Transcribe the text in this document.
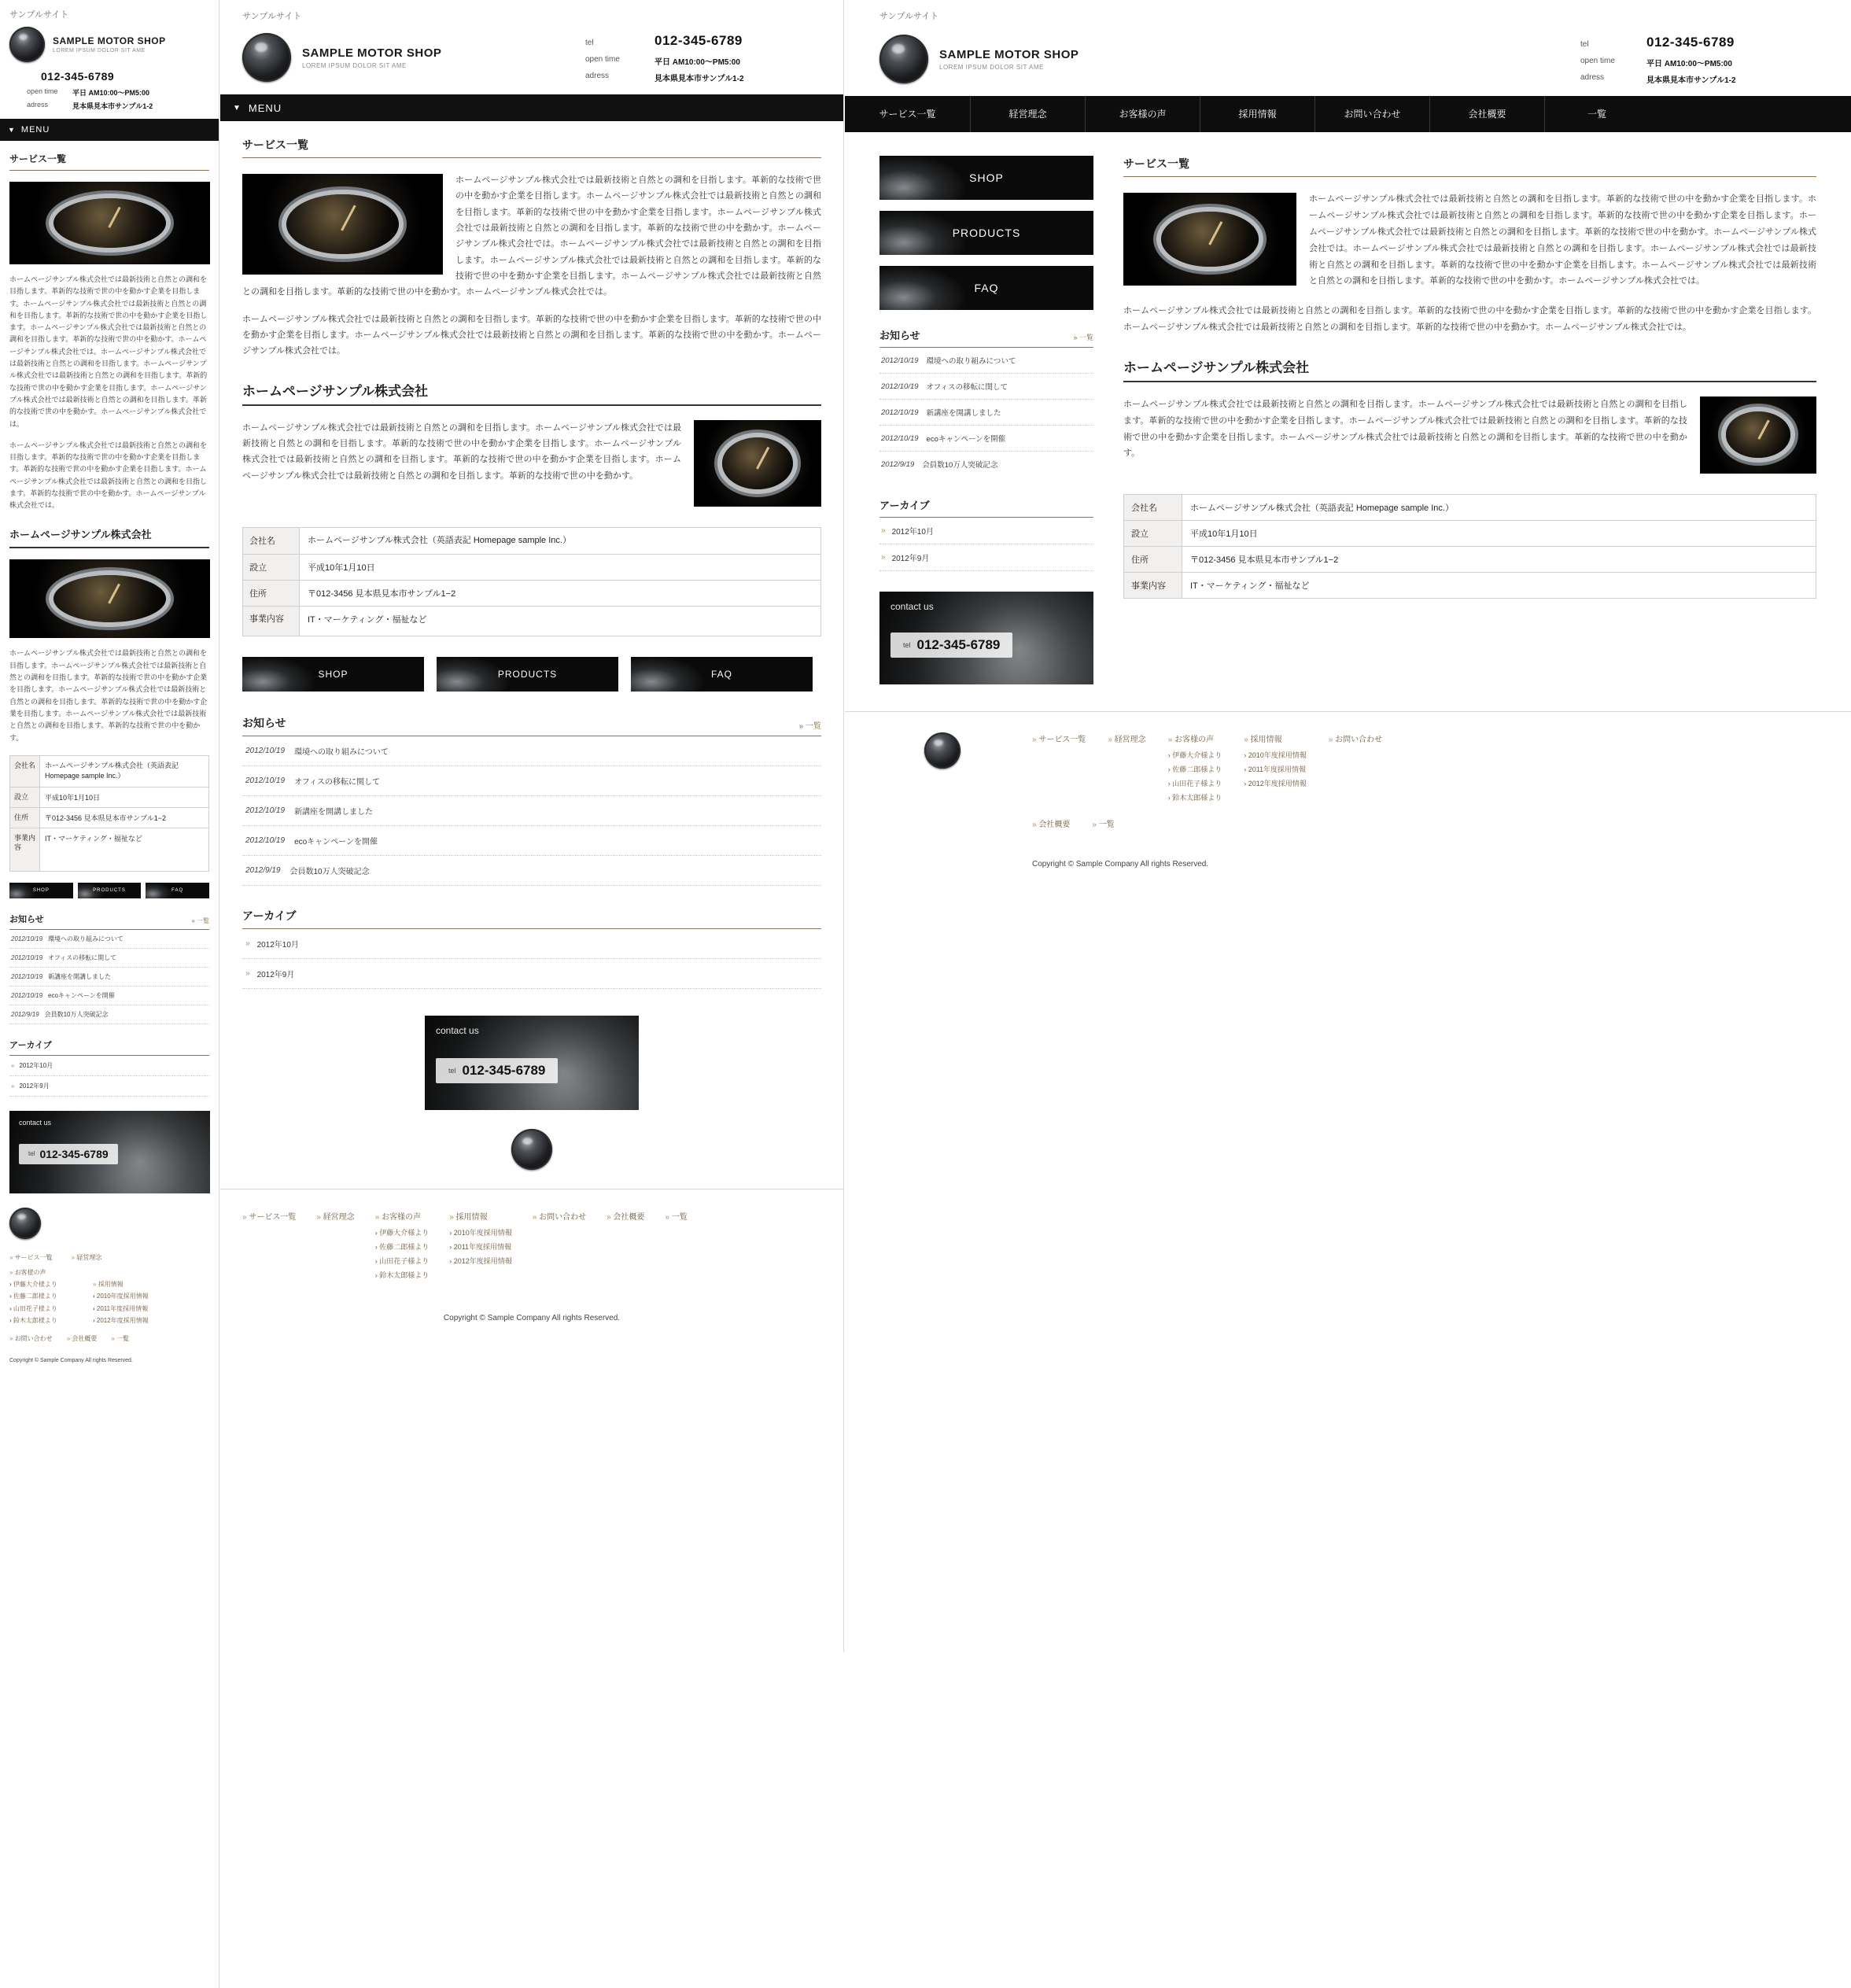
サンプルサイト
SAMPLE MOTOR SHOP
LOREM IPSUM DOLOR SIT AME
012-345-6789
open time	平日 AM10:00〜PM5:00
adress	見本県見本市サンプル1-2
▼ MENU
サービス一覧

ホームページサンプル株式会社では最新技術と自然との調和を目指します。革新的な技術で世の中を動かす企業を目指します。ホームページサンプル株式会社では最新技術と自然との調和を目指します。革新的な技術で世の中を動かす企業を目指します。ホームページサンプル株式会社では最新技術と自然との調和を目指します。革新的な技術で世の中を動かす。ホームページサンプル株式会社では。ホームページサンプル株式会社では最新技術と自然との調和を目指します。ホームページサンプル株式会社では最新技術と自然との調和を目指します。革新的な技術で世の中を動かす企業を目指します。ホームページサンプル株式会社では最新技術と自然との調和を目指します。革新的な技術で世の中を動かす。ホームページサンプル株式会社では。

ホームページサンプル株式会社では最新技術と自然との調和を目指します。革新的な技術で世の中を動かす企業を目指します。革新的な技術で世の中を動かす企業を目指します。ホームページサンプル株式会社では最新技術と自然との調和を目指します。革新的な技術で世の中を動かす。ホームページサンプル株式会社では。

ホームページサンプル株式会社

ホームページサンプル株式会社では最新技術と自然との調和を目指します。ホームページサンプル株式会社では最新技術と自然との調和を目指します。革新的な技術で世の中を動かす企業を目指します。ホームページサンプル株式会社では最新技術と自然との調和を目指します。革新的な技術で世の中を動かす企業を目指します。ホームページサンプル株式会社では最新技術と自然との調和を目指します。革新的な技術で世の中を動かす。

会社名	ホームページサンプル株式会社（英語表記 Homepage sample Inc.）
設立	平成10年1月10日
住所	〒012-3456 見本県見本市サンプル1−2
事業内容	IT・マーケティング・福祉など
SHOP	PRODUCTS	FAQ
お知らせ	» 一覧
2012/10/19 環境への取り組みについて
2012/10/19 オフィスの移転に関して
2012/10/19 新講座を開講しました
2012/10/19 ecoキャンペーンを開催
2012/9/19 会員数10万人突破記念
アーカイブ
» 2012年10月
» 2012年9月
contact us
tel 012-345-6789
» サービス一覧	» 経営理念
» お客様の声
› 伊藤大介様より
› 佐藤二郎様より
› 山田花子様より
› 鈴木太郎様より
» 採用情報
› 2010年度採用情報
› 2011年度採用情報
› 2012年度採用情報
» お問い合わせ » 会社概要 » 一覧
Copyright © Sample Company All rights Reserved.
サンプルサイト
SAMPLE MOTOR SHOP
LOREM IPSUM DOLOR SIT AME
tel	012-345-6789
open time	平日 AM10:00〜PM5:00
adress	見本県見本市サンプル1-2
▼ MENU
サービス一覧

ホームページサンプル株式会社では最新技術と自然との調和を目指します。革新的な技術で世の中を動かす企業を目指します。ホームページサンプル株式会社では最新技術と自然との調和を目指します。革新的な技術で世の中を動かす企業を目指します。ホームページサンプル株式会社では最新技術と自然との調和を目指します。革新的な技術で世の中を動かす。ホームページサンプル株式会社では。ホームページサンプル株式会社では最新技術と自然との調和を目指します。ホームページサンプル株式会社では最新技術と自然との調和を目指します。革新的な技術で世の中を動かす企業を目指します。ホームページサンプル株式会社では最新技術と自然との調和を目指します。革新的な技術で世の中を動かす。ホームページサンプル株式会社では。

ホームページサンプル株式会社では最新技術と自然との調和を目指します。革新的な技術で世の中を動かす企業を目指します。革新的な技術で世の中を動かす企業を目指します。ホームページサンプル株式会社では最新技術と自然との調和を目指します。革新的な技術で世の中を動かす。ホームページサンプル株式会社では。

ホームページサンプル株式会社

ホームページサンプル株式会社では最新技術と自然との調和を目指します。ホームページサンプル株式会社では最新技術と自然との調和を目指します。革新的な技術で世の中を動かす企業を目指します。ホームページサンプル株式会社では最新技術と自然との調和を目指します。革新的な技術で世の中を動かす企業を目指します。ホームページサンプル株式会社では最新技術と自然との調和を目指します。革新的な技術で世の中を動かす。

会社名	ホームページサンプル株式会社（英語表記 Homepage sample Inc.）
設立	平成10年1月10日
住所	〒012-3456 見本県見本市サンプル1−2
事業内容	IT・マーケティング・福祉など
SHOP	PRODUCTS	FAQ
お知らせ	» 一覧
2012/10/19 環境への取り組みについて
2012/10/19 オフィスの移転に関して
2012/10/19 新講座を開講しました
2012/10/19 ecoキャンペーンを開催
2012/9/19 会員数10万人突破記念
アーカイブ
» 2012年10月
» 2012年9月
contact us
tel 012-345-6789
» サービス一覧	» 経営理念	» お客様の声
› 伊藤大介様より
› 佐藤二郎様より
› 山田花子様より
› 鈴木太郎様より
» 採用情報
› 2010年度採用情報
› 2011年度採用情報
› 2012年度採用情報
» お問い合わせ	» 会社概要	» 一覧
Copyright © Sample Company All rights Reserved.
サンプルサイト
SAMPLE MOTOR SHOP
LOREM IPSUM DOLOR SIT AME
tel	012-345-6789
open time	平日 AM10:00〜PM5:00
adress	見本県見本市サンプル1-2
サービス一覧	経営理念	お客様の声	採用情報	お問い合わせ	会社概要	一覧
SHOP
PRODUCTS
FAQ
お知らせ	» 一覧
2012/10/19 環境への取り組みについて
2012/10/19 オフィスの移転に関して
2012/10/19 新講座を開講しました
2012/10/19 ecoキャンペーンを開催
2012/9/19 会員数10万人突破記念
アーカイブ
» 2012年10月
» 2012年9月
contact us
tel 012-345-6789
サービス一覧

ホームページサンプル株式会社では最新技術と自然との調和を目指します。革新的な技術で世の中を動かす企業を目指します。ホームページサンプル株式会社では最新技術と自然との調和を目指します。革新的な技術で世の中を動かす企業を目指します。ホームページサンプル株式会社では最新技術と自然との調和を目指します。革新的な技術で世の中を動かす。ホームページサンプル株式会社では。ホームページサンプル株式会社では最新技術と自然との調和を目指します。ホームページサンプル株式会社では最新技術と自然との調和を目指します。革新的な技術で世の中を動かす企業を目指します。ホームページサンプル株式会社では最新技術と自然との調和を目指します。革新的な技術で世の中を動かす。ホームページサンプル株式会社では。

ホームページサンプル株式会社では最新技術と自然との調和を目指します。革新的な技術で世の中を動かす企業を目指します。革新的な技術で世の中を動かす企業を目指します。ホームページサンプル株式会社では最新技術と自然との調和を目指します。革新的な技術で世の中を動かす。ホームページサンプル株式会社では。

ホームページサンプル株式会社

ホームページサンプル株式会社では最新技術と自然との調和を目指します。ホームページサンプル株式会社では最新技術と自然との調和を目指します。革新的な技術で世の中を動かす企業を目指します。ホームページサンプル株式会社では最新技術と自然との調和を目指します。革新的な技術で世の中を動かす企業を目指します。ホームページサンプル株式会社では最新技術と自然との調和を目指します。革新的な技術で世の中を動かす。

会社名	ホームページサンプル株式会社（英語表記 Homepage sample Inc.）
設立	平成10年1月10日
住所	〒012-3456 見本県見本市サンプル1−2
事業内容	IT・マーケティング・福祉など
» サービス一覧	» 経営理念	» お客様の声
› 伊藤大介様より
› 佐藤二郎様より
› 山田花子様より
› 鈴木太郎様より
» 採用情報
› 2010年度採用情報
› 2011年度採用情報
› 2012年度採用情報
» お問い合わせ
» 会社概要	» 一覧
Copyright © Sample Company All rights Reserved.
